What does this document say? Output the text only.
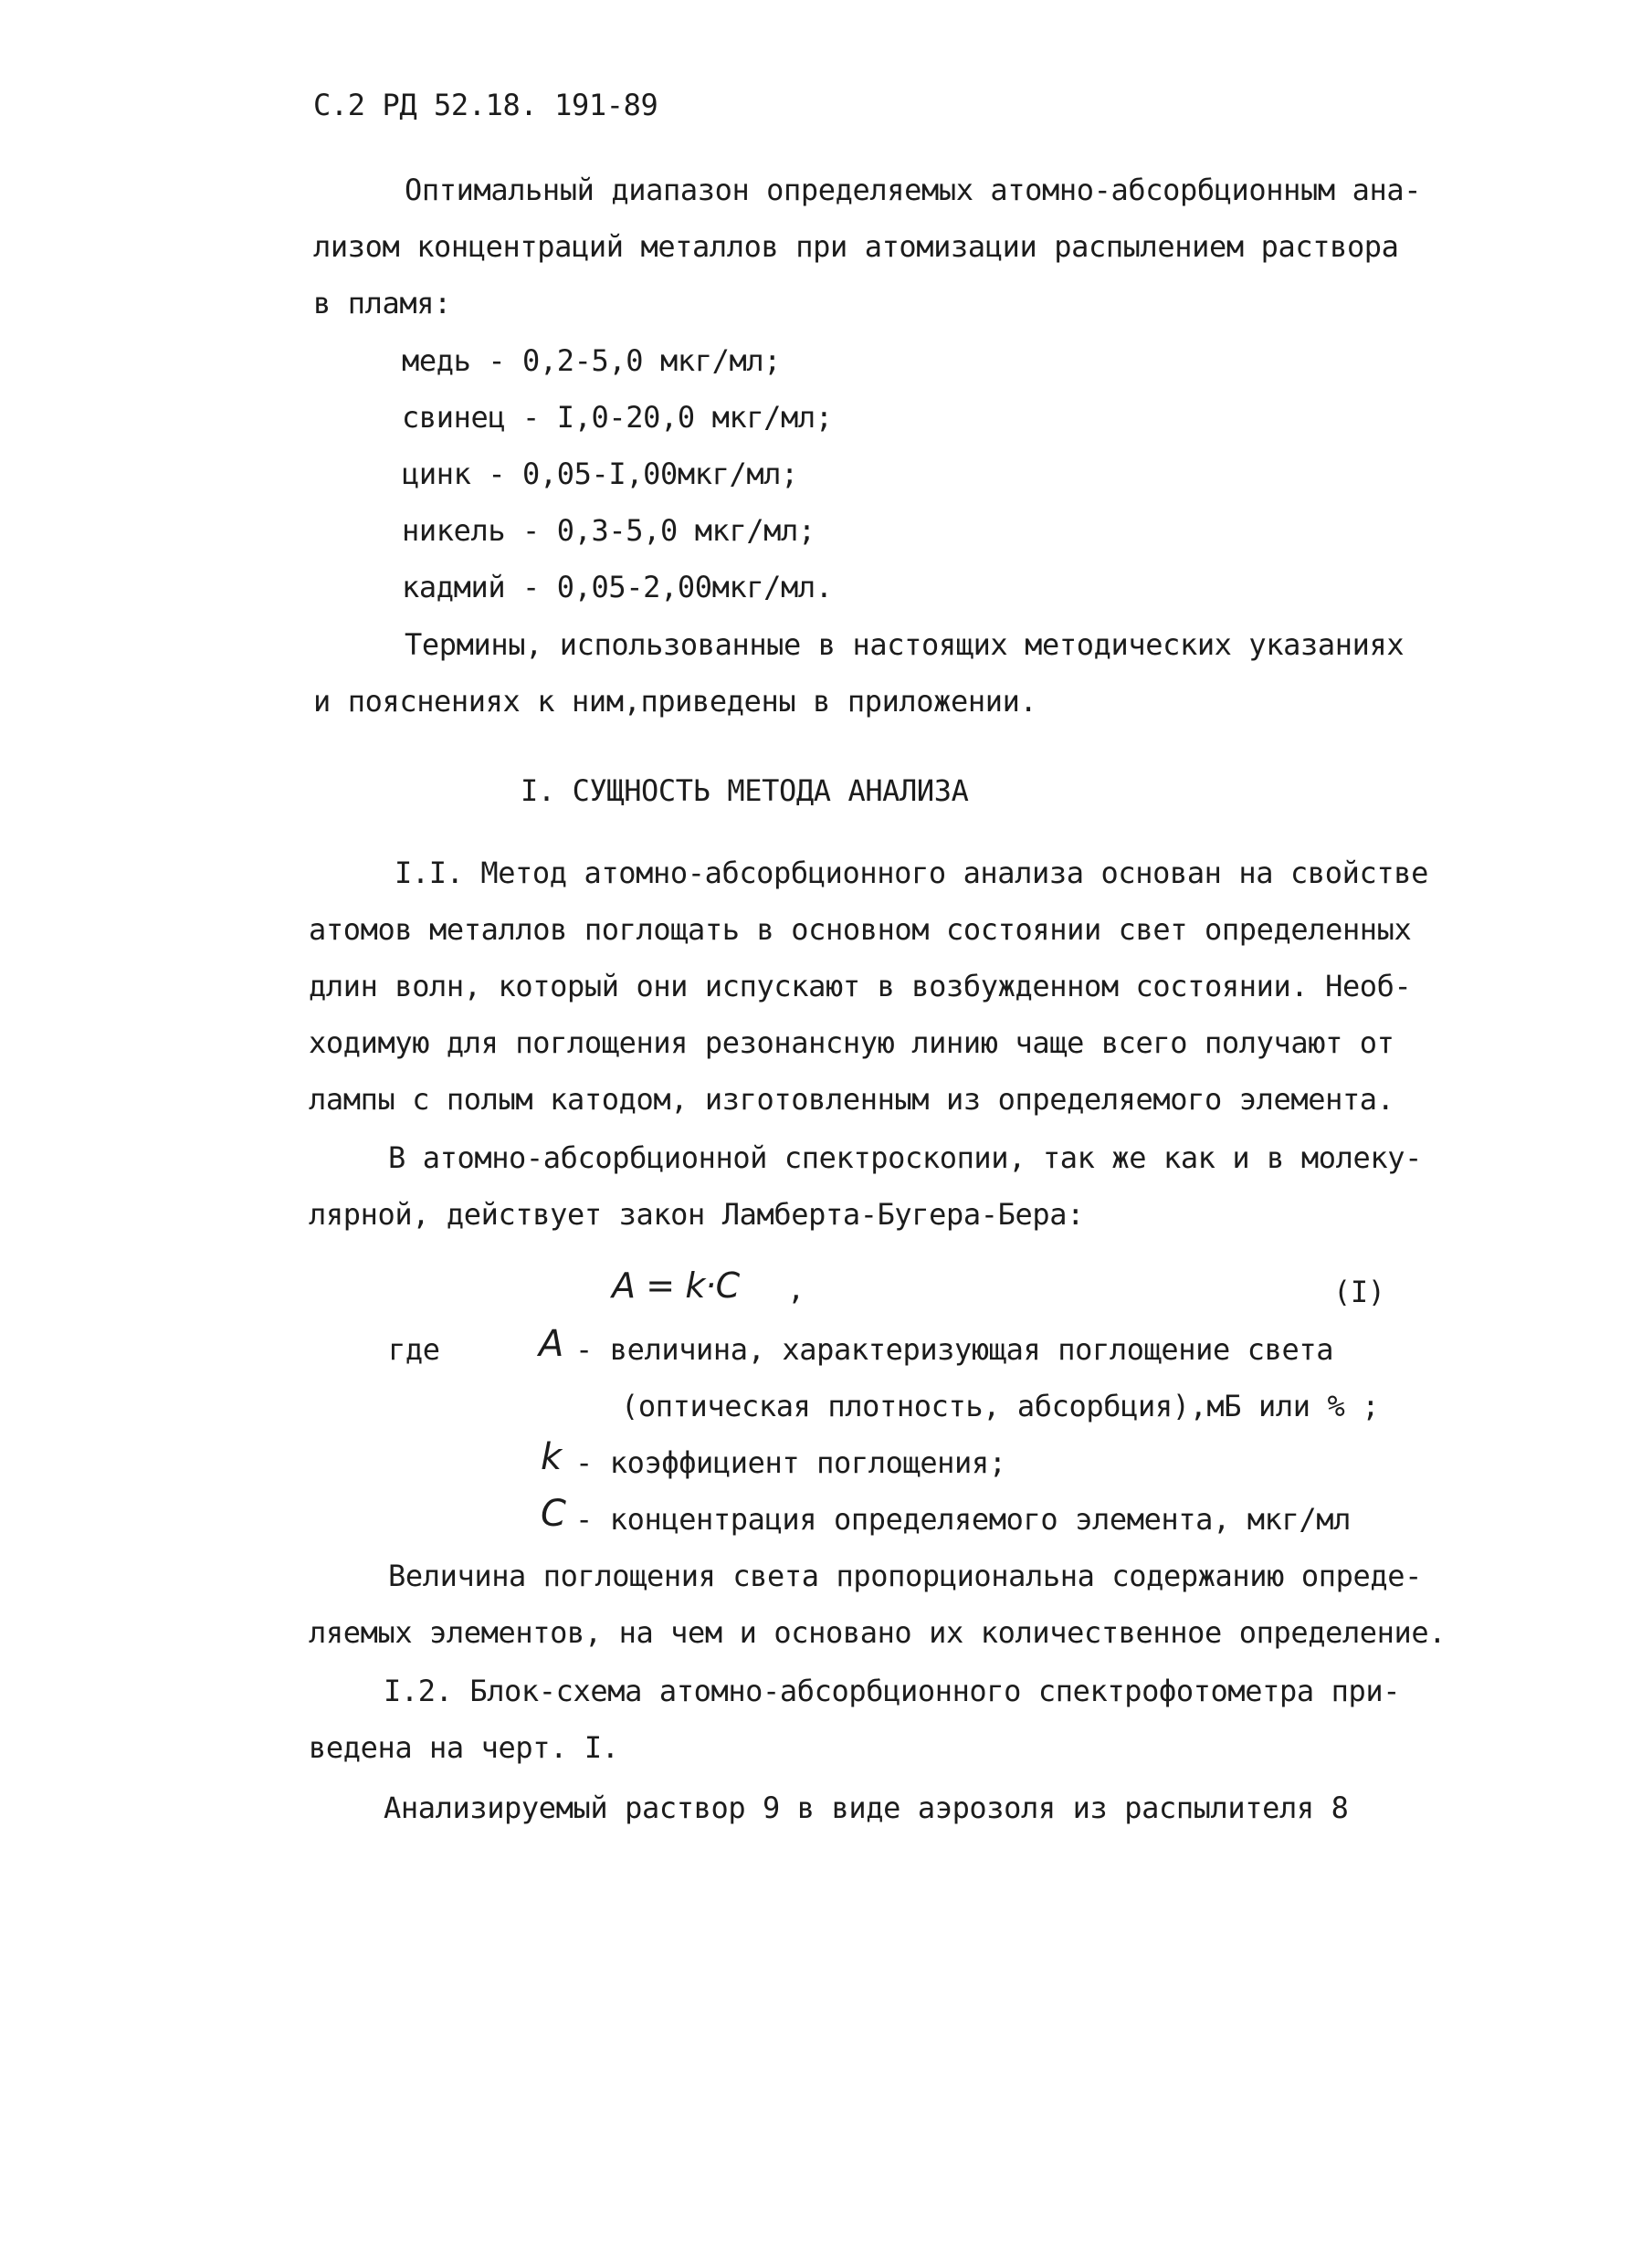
С.2 РД 52.18. 191-89
Оптимальный диапазон определяемых атомно-абсорбционным ана-
лизом концентраций металлов при атомизации распылением раствора
в пламя:
медь - 0,2-5,0 мкг/мл;
свинец - I,0-20,0 мкг/мл;
цинк - 0,05-I,00мкг/мл;
никель - 0,3-5,0 мкг/мл;
кадмий - 0,05-2,00мкг/мл.
Термины, использованные в настоящих методических указаниях
и пояснениях к ним,приведены в приложении.
I. СУЩНОСТЬ МЕТОДА АНАЛИЗА
I.I. Метод атомно-абсорбционного анализа основан на свойстве
атомов металлов поглощать в основном состоянии свет определенных
длин волн, который они испускают в возбужденном состоянии. Необ-
ходимую для поглощения резонансную линию чаще всего получают от
лампы с полым катодом, изготовленным из определяемого элемента.
В атомно-абсорбционной спектроскопии, так же как и в молеку-
лярной, действует закон Ламберта-Бугера-Бера:
A = k·C ,	(I)
где	A - величина, характеризующая поглощение света
(оптическая плотность, абсорбция),мБ или % ;
k - коэффициент поглощения;
C - концентрация определяемого элемента, мкг/мл
Величина поглощения света пропорциональна содержанию опреде-
ляемых элементов, на чем и основано их количественное определение.
I.2. Блок-схема атомно-абсорбционного спектрофотометра при-
ведена на черт. I.
Анализируемый раствор 9 в виде аэрозоля из распылителя 8
